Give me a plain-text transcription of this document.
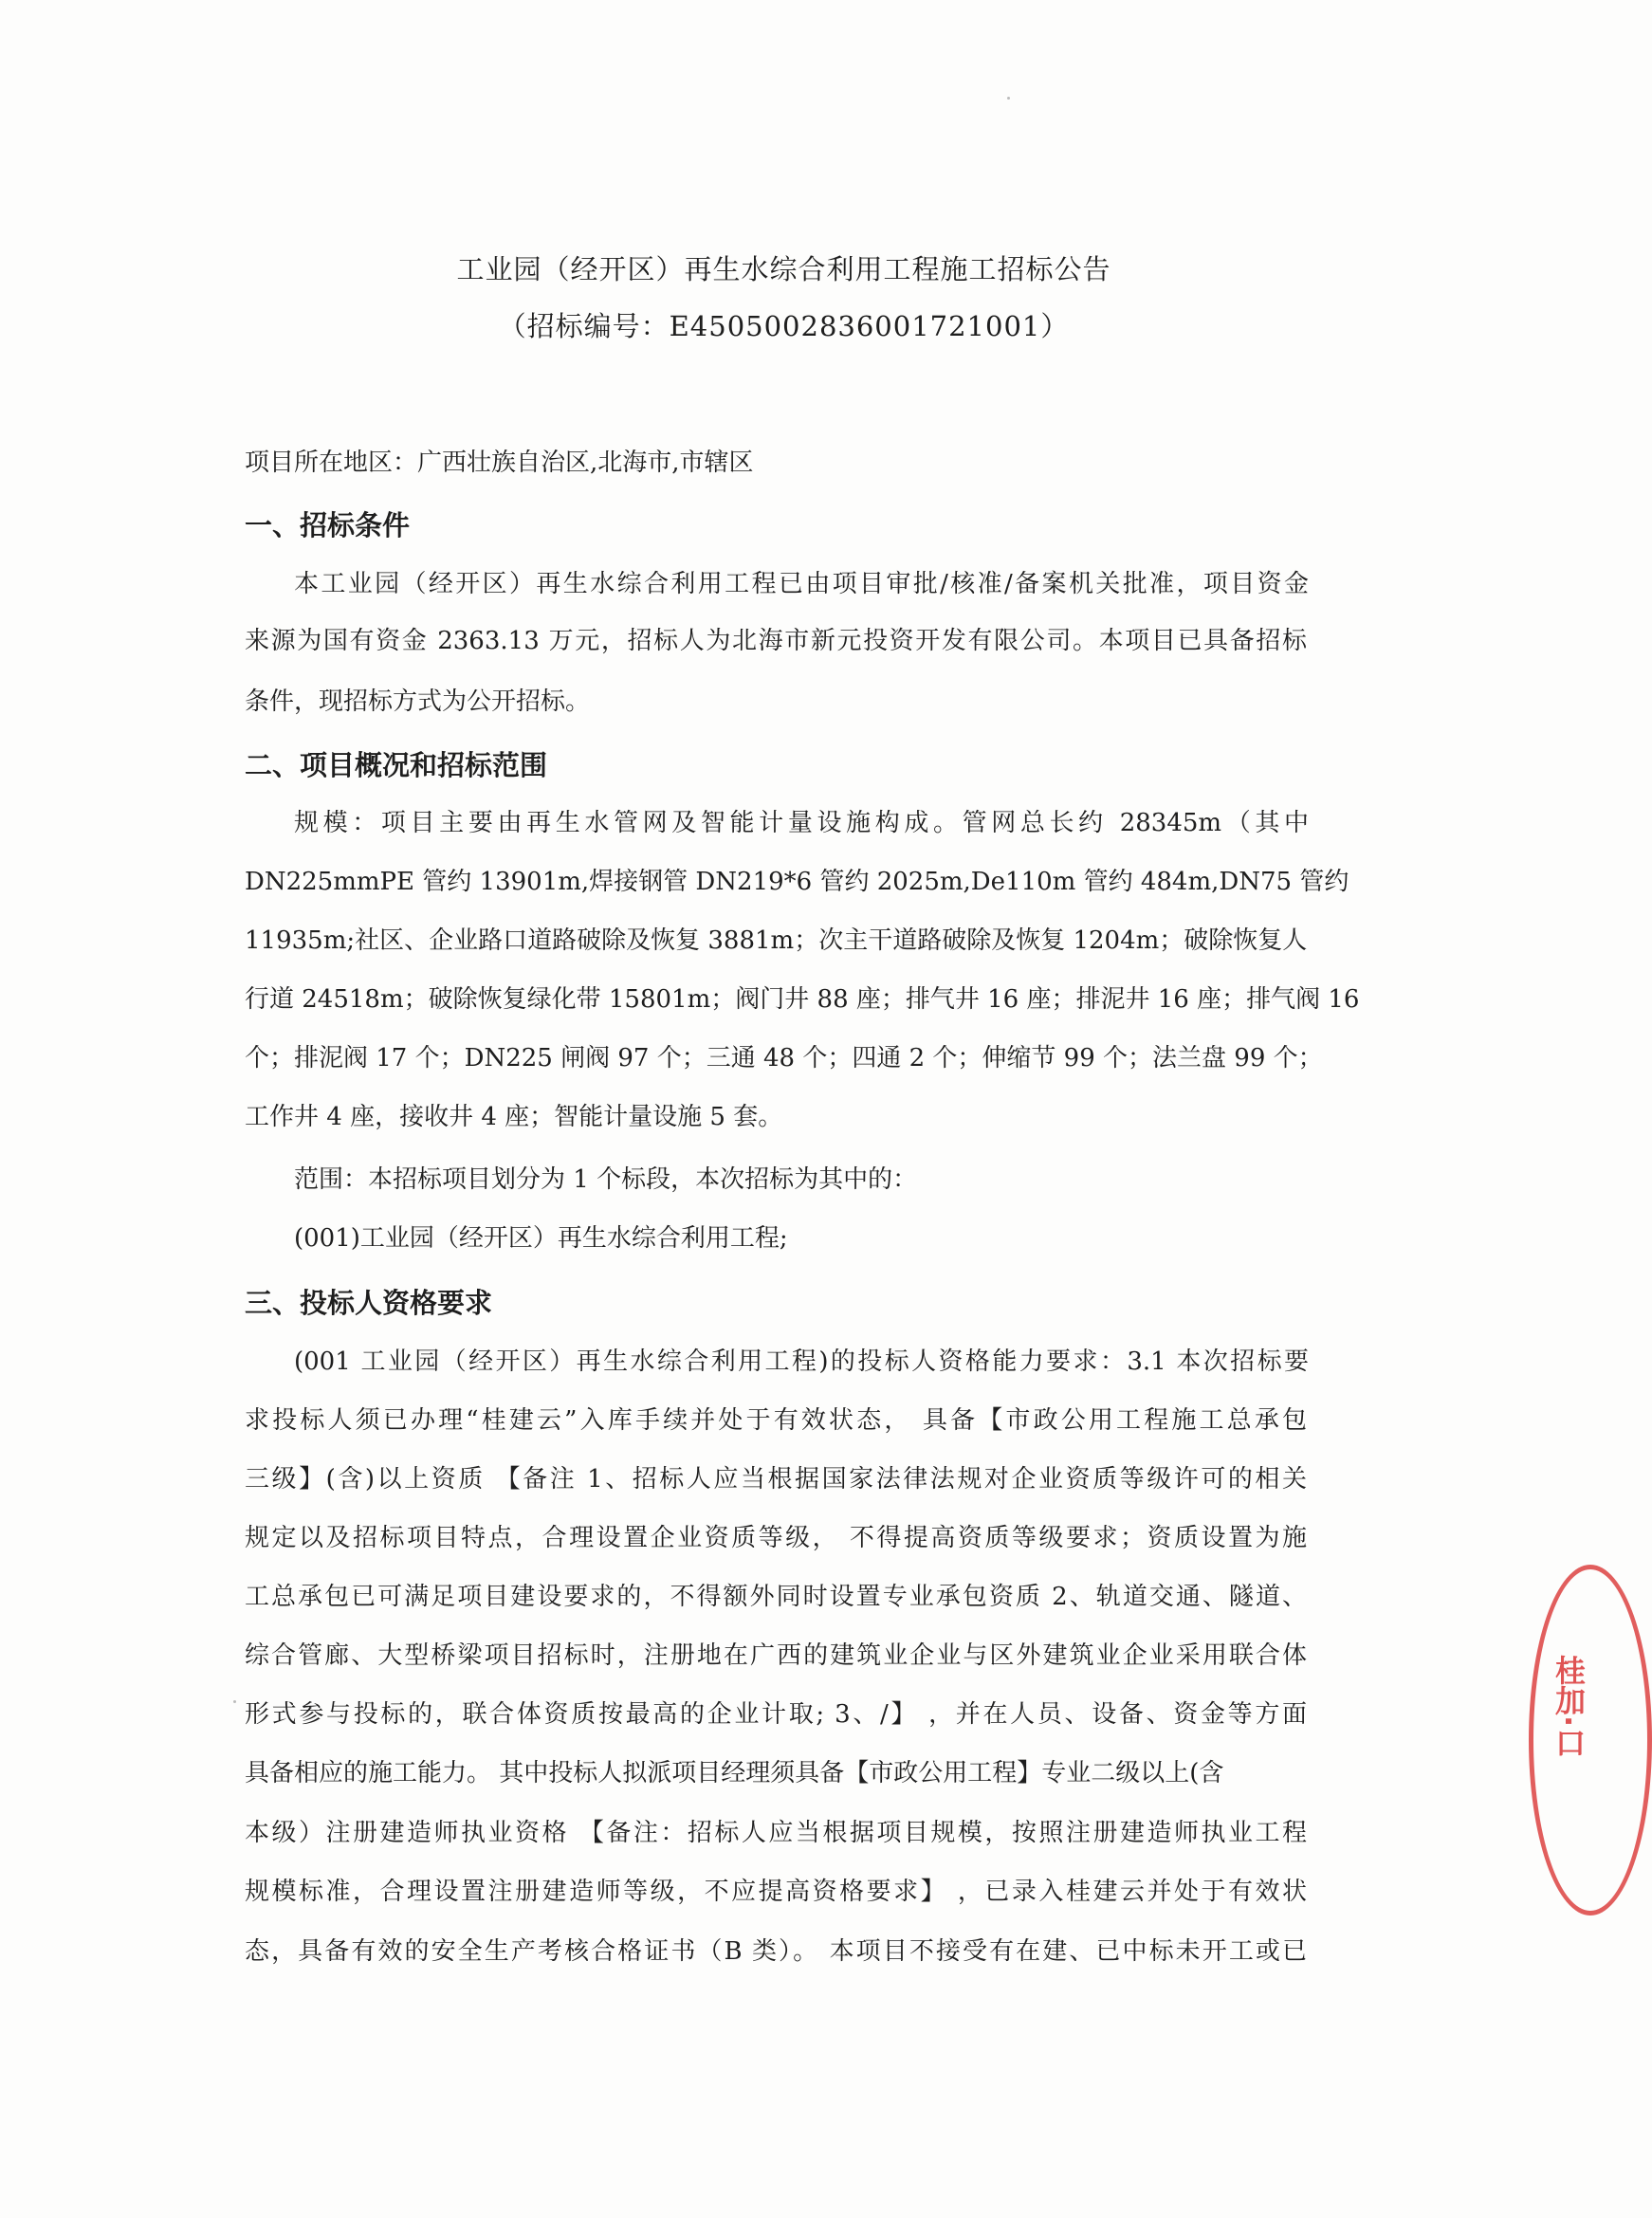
工业园（经开区）再生水综合利用工程施工招标公告
（招标编号：E4505002836001721001）
项目所在地区：广西壮族自治区,北海市,市辖区
一、招标条件
本工业园（经开区）再生水综合利用工程已由项目审批/核准/备案机关批准，项目资金
来源为国有资金 2363.13 万元，招标人为北海市新元投资开发有限公司。本项目已具备招标
条件，现招标方式为公开招标。
二、项目概况和招标范围
规模：项目主要由再生水管网及智能计量设施构成。管网总长约 28345m（其中
DN225mmPE 管约 13901m,焊接钢管 DN219*6 管约 2025m,De110m 管约 484m,DN75 管约
11935m;社区、企业路口道路破除及恢复 3881m；次主干道路破除及恢复 1204m；破除恢复人
行道 24518m；破除恢复绿化带 15801m；阀门井 88 座；排气井 16 座；排泥井 16 座；排气阀 16
个；排泥阀 17 个；DN225 闸阀 97 个；三通 48 个；四通 2 个；伸缩节 99 个；法兰盘 99 个；
工作井 4 座，接收井 4 座；智能计量设施 5 套。
范围：本招标项目划分为 1 个标段，本次招标为其中的：
(001)工业园（经开区）再生水综合利用工程;
三、投标人资格要求
(001 工业园（经开区）再生水综合利用工程)的投标人资格能力要求：3.1 本次招标要
求投标人须已办理“桂建云”入库手续并处于有效状态， 具备【市政公用工程施工总承包
三级】(含)以上资质 【备注 1、招标人应当根据国家法律法规对企业资质等级许可的相关
规定以及招标项目特点，合理设置企业资质等级， 不得提高资质等级要求；资质设置为施
工总承包已可满足项目建设要求的，不得额外同时设置专业承包资质 2、轨道交通、隧道、
综合管廊、大型桥梁项目招标时，注册地在广西的建筑业企业与区外建筑业企业采用联合体
形式参与投标的，联合体资质按最高的企业计取; 3、/】 ，并在人员、设备、资金等方面
具备相应的施工能力。 其中投标人拟派项目经理须具备【市政公用工程】专业二级以上(含
本级）注册建造师执业资格 【备注：招标人应当根据项目规模，按照注册建造师执业工程
规模标准，合理设置注册建造师等级，不应提高资格要求】 ，已录入桂建云并处于有效状
态，具备有效的安全生产考核合格证书（B 类）。 本项目不接受有在建、已中标未开工或已
桂加·口
